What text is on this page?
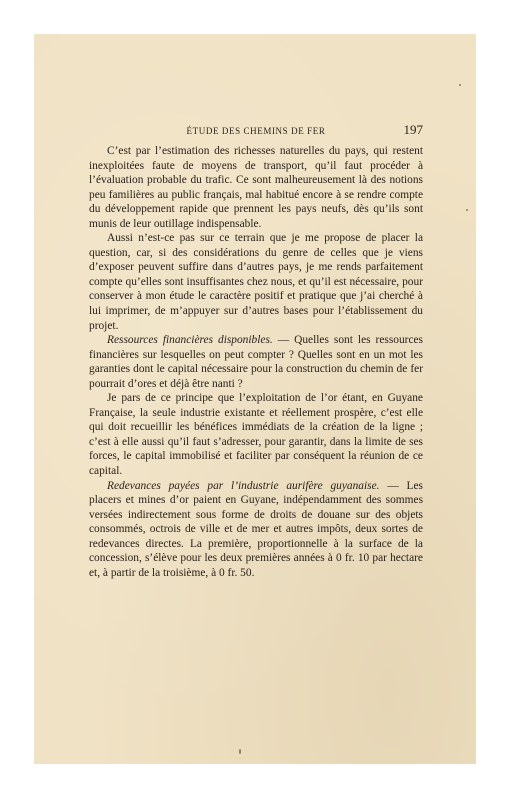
ÉTUDE DES CHEMINS DE FER	197

C’est par l’estimation des richesses naturelles du pays, qui restent inexploitées faute de moyens de transport, qu’il faut procéder à l’évaluation probable du trafic. Ce sont malheureusement là des notions peu familières au public français, mal habitué encore à se rendre compte du développement rapide que prennent les pays neufs, dès qu’ils sont munis de leur outillage indispensable.

Aussi n’est-ce pas sur ce terrain que je me propose de placer la question, car, si des considérations du genre de celles que je viens d’exposer peuvent suffire dans d’autres pays, je me rends parfaitement compte qu’elles sont insuffisantes chez nous, et qu’il est nécessaire, pour conserver à mon étude le caractère positif et pratique que j’ai cherché à lui imprimer, de m’appuyer sur d’autres bases pour l’établissement du projet.

Ressources financières disponibles. — Quelles sont les ressources financières sur lesquelles on peut compter ? Quelles sont en un mot les garanties dont le capital nécessaire pour la construction du chemin de fer pourrait d’ores et déjà être nanti ?

Je pars de ce principe que l’exploitation de l’or étant, en Guyane Française, la seule industrie existante et réellement prospère, c’est elle qui doit recueillir les bénéfices immédiats de la création de la ligne ; c’est à elle aussi qu’il faut s’adresser, pour garantir, dans la limite de ses forces, le capital immobilisé et faciliter par conséquent la réunion de ce capital.

Redevances payées par l’industrie aurifère guyanaise. — Les placers et mines d’or paient en Guyane, indépendamment des sommes versées indirectement sous forme de droits de douane sur des objets consommés, octrois de ville et de mer et autres impôts, deux sortes de redevances directes. La première, proportionnelle à la surface de la concession, s’élève pour les deux premières années à 0 fr. 10 par hectare et, à partir de la troisième, à 0 fr. 50.
